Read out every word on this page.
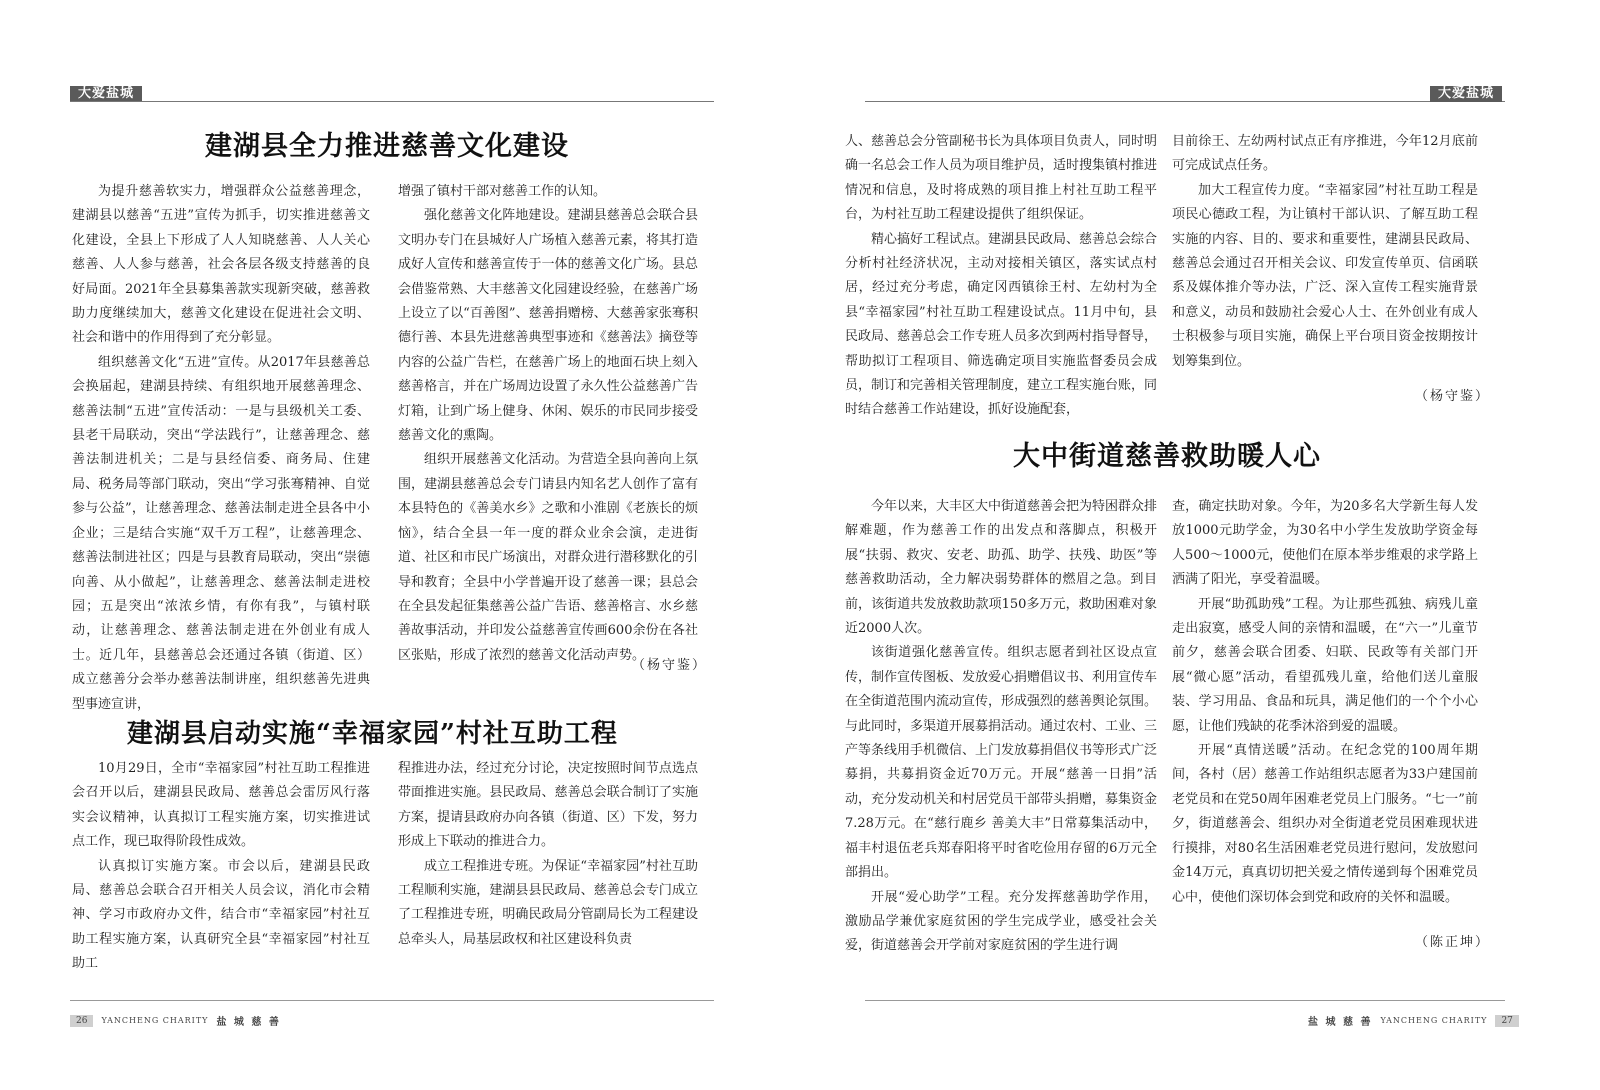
大爱盐城
建湖县全力推进慈善文化建设

为提升慈善软实力，增强群众公益慈善理念，建湖县以慈善“五进”宣传为抓手，切实推进慈善文化建设，全县上下形成了人人知晓慈善、人人关心慈善、人人参与慈善，社会各层各级支持慈善的良好局面。2021年全县募集善款实现新突破，慈善救助力度继续加大，慈善文化建设在促进社会文明、社会和谐中的作用得到了充分彰显。

组织慈善文化“五进”宣传。从2017年县慈善总会换届起，建湖县持续、有组织地开展慈善理念、慈善法制“五进”宣传活动：一是与县级机关工委、县老干局联动，突出“学法践行”，让慈善理念、慈善法制进机关；二是与县经信委、商务局、住建局、税务局等部门联动，突出“学习张骞精神、自觉参与公益”，让慈善理念、慈善法制走进全县各中小企业；三是结合实施“双千万工程”，让慈善理念、慈善法制进社区；四是与县教育局联动，突出“崇德向善、从小做起”，让慈善理念、慈善法制走进校园；五是突出“浓浓乡情，有你有我”，与镇村联动，让慈善理念、慈善法制走进在外创业有成人士。近几年，县慈善总会还通过各镇（街道、区）成立慈善分会举办慈善法制讲座，组织慈善先进典型事迹宣讲，

增强了镇村干部对慈善工作的认知。

强化慈善文化阵地建设。建湖县慈善总会联合县文明办专门在县城好人广场植入慈善元素，将其打造成好人宣传和慈善宣传于一体的慈善文化广场。县总会借鉴常熟、大丰慈善文化园建设经验，在慈善广场上设立了以“百善图”、慈善捐赠榜、大慈善家张骞积德行善、本县先进慈善典型事迹和《慈善法》摘登等内容的公益广告栏，在慈善广场上的地面石块上刻入慈善格言，并在广场周边设置了永久性公益慈善广告灯箱，让到广场上健身、休闲、娱乐的市民同步接受慈善文化的熏陶。

组织开展慈善文化活动。为营造全县向善向上氛围，建湖县慈善总会专门请县内知名艺人创作了富有本县特色的《善美水乡》之歌和小淮剧《老族长的烦恼》，结合全县一年一度的群众业余会演，走进街道、社区和市民广场演出，对群众进行潜移默化的引导和教育；全县中小学普遍开设了慈善一课；县总会在全县发起征集慈善公益广告语、慈善格言、水乡慈善故事活动，并印发公益慈善宣传画600余份在各社区张贴，形成了浓烈的慈善文化活动声势。

（杨守鉴）
建湖县启动实施“幸福家园”村社互助工程

10月29日，全市“幸福家园”村社互助工程推进会召开以后，建湖县民政局、慈善总会雷厉风行落实会议精神，认真拟订工程实施方案，切实推进试点工作，现已取得阶段性成效。

认真拟订实施方案。市会以后，建湖县民政局、慈善总会联合召开相关人员会议，消化市会精神、学习市政府办文件，结合市“幸福家园”村社互助工程实施方案，认真研究全县“幸福家园”村社互助工

程推进办法，经过充分讨论，决定按照时间节点选点带面推进实施。县民政局、慈善总会联合制订了实施方案，提请县政府办向各镇（街道、区）下发，努力形成上下联动的推进合力。

成立工程推进专班。为保证“幸福家园”村社互助工程顺利实施，建湖县县民政局、慈善总会专门成立了工程推进专班，明确民政局分管副局长为工程建设总牵头人，局基层政权和社区建设科负责

26	YANCHENG CHARITY 盐 城 慈 善
大爱盐城

人、慈善总会分管副秘书长为具体项目负责人，同时明确一名总会工作人员为项目维护员，适时搜集镇村推进情况和信息，及时将成熟的项目推上村社互助工程平台，为村社互助工程建设提供了组织保证。

精心搞好工程试点。建湖县民政局、慈善总会综合分析村社经济状况，主动对接相关镇区，落实试点村居，经过充分考虑，确定冈西镇徐王村、左幼村为全县“幸福家园”村社互助工程建设试点。11月中旬，县民政局、慈善总会工作专班人员多次到两村指导督导，帮助拟订工程项目、筛选确定项目实施监督委员会成员，制订和完善相关管理制度，建立工程实施台账，同时结合慈善工作站建设，抓好设施配套，

目前徐王、左幼两村试点正有序推进，今年12月底前可完成试点任务。

加大工程宣传力度。“幸福家园”村社互助工程是项民心德政工程，为让镇村干部认识、了解互助工程实施的内容、目的、要求和重要性，建湖县民政局、慈善总会通过召开相关会议、印发宣传单页、信函联系及媒体推介等办法，广泛、深入宣传工程实施背景和意义，动员和鼓励社会爱心人士、在外创业有成人士积极参与项目实施，确保上平台项目资金按期按计划筹集到位。

（杨守鉴）
大中街道慈善救助暖人心

今年以来，大丰区大中街道慈善会把为特困群众排解难题，作为慈善工作的出发点和落脚点，积极开展“扶弱、救灾、安老、助孤、助学、扶残、助医”等慈善救助活动，全力解决弱势群体的燃眉之急。到目前，该街道共发放救助款项150多万元，救助困难对象近2000人次。

该街道强化慈善宣传。组织志愿者到社区设点宣传，制作宣传图板、发放爱心捐赠倡议书、利用宣传车在全街道范围内流动宣传，形成强烈的慈善舆论氛围。与此同时，多渠道开展募捐活动。通过农村、工业、三产等条线用手机微信、上门发放募捐倡仪书等形式广泛募捐，共募捐资金近70万元。开展“慈善一日捐”活动，充分发动机关和村居党员干部带头捐赠，募集资金7.28万元。在“慈行鹿乡 善美大丰”日常募集活动中，福丰村退伍老兵郑春阳将平时省吃俭用存留的6万元全部捐出。

开展“爱心助学”工程。充分发挥慈善助学作用，激励品学兼优家庭贫困的学生完成学业，感受社会关爱，街道慈善会开学前对家庭贫困的学生进行调

查，确定扶助对象。今年，为20多名大学新生每人发放1000元助学金，为30名中小学生发放助学资金每人500～1000元，使他们在原本举步维艰的求学路上洒满了阳光，享受着温暖。

开展“助孤助残”工程。为让那些孤独、病残儿童走出寂寞，感受人间的亲情和温暖，在“六一”儿童节前夕，慈善会联合团委、妇联、民政等有关部门开展“微心愿”活动，看望孤残儿童，给他们送儿童服装、学习用品、食品和玩具，满足他们的一个个小心愿，让他们残缺的花季沐浴到爱的温暖。

开展“真情送暖”活动。在纪念党的100周年期间，各村（居）慈善工作站组织志愿者为33户建国前老党员和在党50周年困难老党员上门服务。“七一”前夕，街道慈善会、组织办对全街道老党员困难现状进行摸排，对80名生活困难老党员进行慰问，发放慰问金14万元，真真切切把关爱之情传递到每个困难党员心中，使他们深切体会到党和政府的关怀和温暖。

（陈正坤）
盐 城 慈 善 YANCHENG CHARITY	27
